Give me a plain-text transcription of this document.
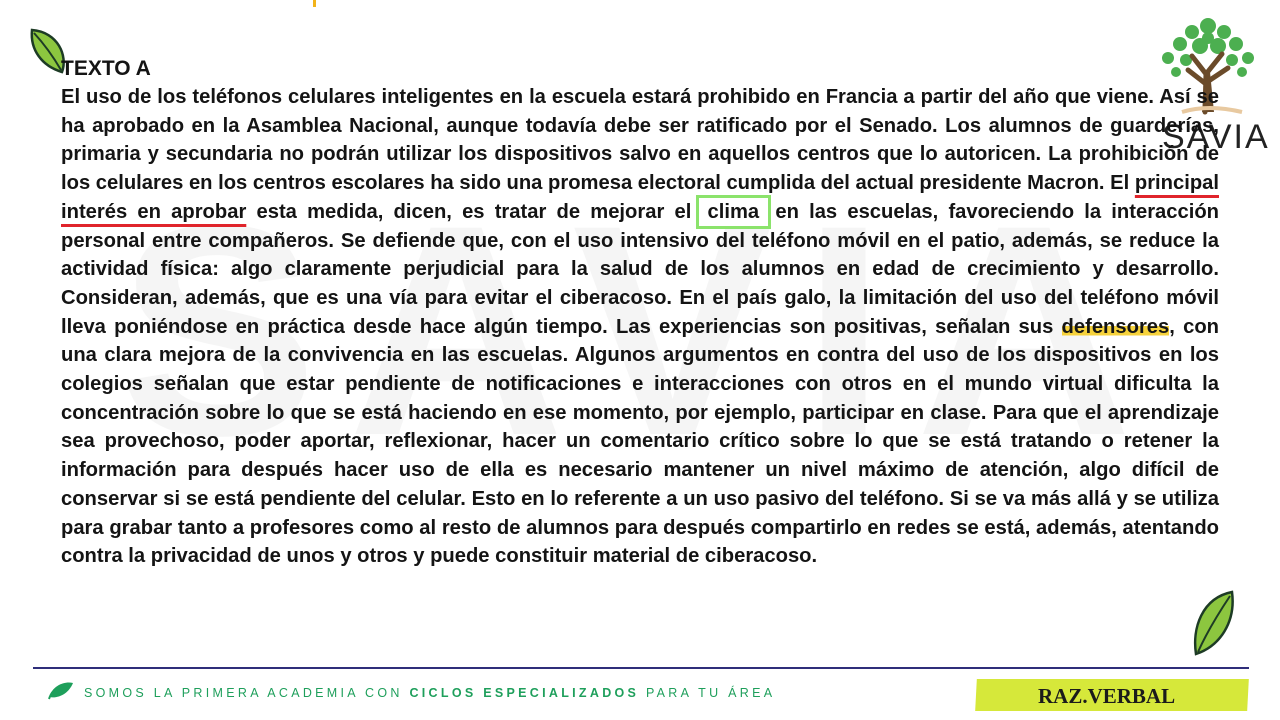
SAVIA
TEXTO A
El uso de los teléfonos celulares inteligentes en la escuela estará prohibido en Francia a partir del año que viene. Así se ha aprobado en la Asamblea Nacional, aunque todavía debe ser ratificado por el Senado. Los alumnos de guarderías, primaria y secundaria no podrán utilizar los dispositivos salvo en aquellos centros que lo autoricen. La prohibición de los celulares en los centros escolares ha sido una promesa electoral cumplida del actual presidente Macron. El principal interés en aprobar esta medida, dicen, es tratar de mejorar el clima en las escuelas, favoreciendo la interacción personal entre compañeros. Se defiende que, con el uso intensivo del teléfono móvil en el patio, además, se reduce la actividad física: algo claramente perjudicial para la salud de los alumnos en edad de crecimiento y desarrollo. Consideran, además, que es una vía para evitar el ciberacoso. En el país galo, la limitación del uso del teléfono móvil lleva poniéndose en práctica desde hace algún tiempo. Las experiencias son positivas, señalan sus defensores, con una clara mejora de la convivencia en las escuelas. Algunos argumentos en contra del uso de los dispositivos en los colegios señalan que estar pendiente de notificaciones e interacciones con otros en el mundo virtual dificulta la concentración sobre lo que se está haciendo en ese momento, por ejemplo, participar en clase. Para que el aprendizaje sea provechoso, poder aportar, reflexionar, hacer un comentario crítico sobre lo que se está tratando o retener la información para después hacer uso de ella es necesario mantener un nivel máximo de atención, algo difícil de conservar si se está pendiente del celular. Esto en lo referente a un uso pasivo del teléfono. Si se va más allá y se utiliza para grabar tanto a profesores como al resto de alumnos para después compartirlo en redes se está, además, atentando contra la privacidad de unos y otros y puede constituir material de ciberacoso.
SOMOS LA PRIMERA ACADEMIA CON CICLOS ESPECIALIZADOS PARA TU ÁREA	RAZ.VERBAL
